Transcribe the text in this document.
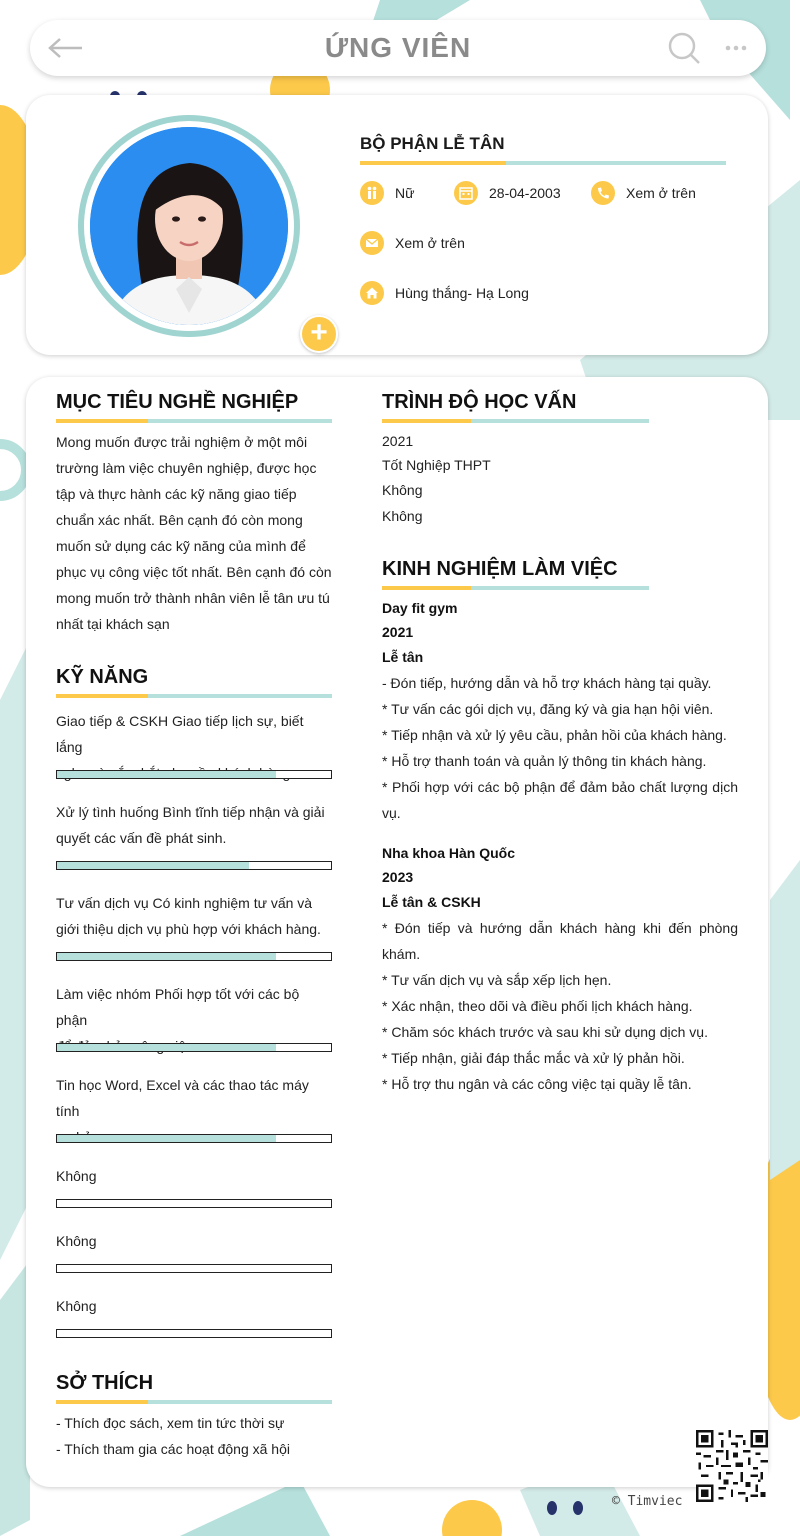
ỨNG VIÊN
+
BỘ PHẬN LỄ TÂN
Nữ	28-04-2003	Xem ở trên
Xem ở trên
Hùng thắng- Hạ Long
MỤC TIÊU NGHỀ NGHIỆP
Mong muốn được trải nghiệm ở một môi
trường làm việc chuyên nghiệp, được học
tập và thực hành các kỹ năng giao tiếp
chuẩn xác nhất. Bên cạnh đó còn mong
muốn sử dụng các kỹ năng của mình để
phục vụ công việc tốt nhất. Bên cạnh đó còn
mong muốn trở thành nhân viên lễ tân ưu tú
nhất tại khách sạn
KỸ NĂNG
Giao tiếp & CSKH Giao tiếp lịch sự, biết lắng
Xử lý tình huống Bình tĩnh tiếp nhận và giải
quyết các vấn đề phát sinh.
Tư vấn dịch vụ Có kinh nghiệm tư vấn và
giới thiệu dịch vụ phù hợp với khách hàng.
Làm việc nhóm Phối hợp tốt với các bộ phận
Tin học Word, Excel và các thao tác máy tính
Không
Không
Không
SỞ THÍCH
- Thích đọc sách, xem tin tức thời sự
- Thích tham gia các hoạt động xã hội
TRÌNH ĐỘ HỌC VẤN
2021
Tốt Nghiệp THPT
Không
Không
KINH NGHIỆM LÀM VIỆC
Day fit gym
2021
Lễ tân
- Đón tiếp, hướng dẫn và hỗ trợ khách hàng tại quầy.
* Tư vấn các gói dịch vụ, đăng ký và gia hạn hội viên.
* Tiếp nhận và xử lý yêu cầu, phản hồi của khách hàng.
* Hỗ trợ thanh toán và quản lý thông tin khách hàng.
* Phối hợp với các bộ phận để đảm bảo chất lượng dịch
vụ.
Nha khoa Hàn Quốc
2023
Lễ tân & CSKH
* Đón tiếp và hướng dẫn khách hàng khi đến phòng
khám.
* Tư vấn dịch vụ và sắp xếp lịch hẹn.
* Xác nhận, theo dõi và điều phối lịch khách hàng.
* Chăm sóc khách trước và sau khi sử dụng dịch vụ.
* Tiếp nhận, giải đáp thắc mắc và xử lý phản hồi.
* Hỗ trợ thu ngân và các công việc tại quầy lễ tân.
© Timviec
